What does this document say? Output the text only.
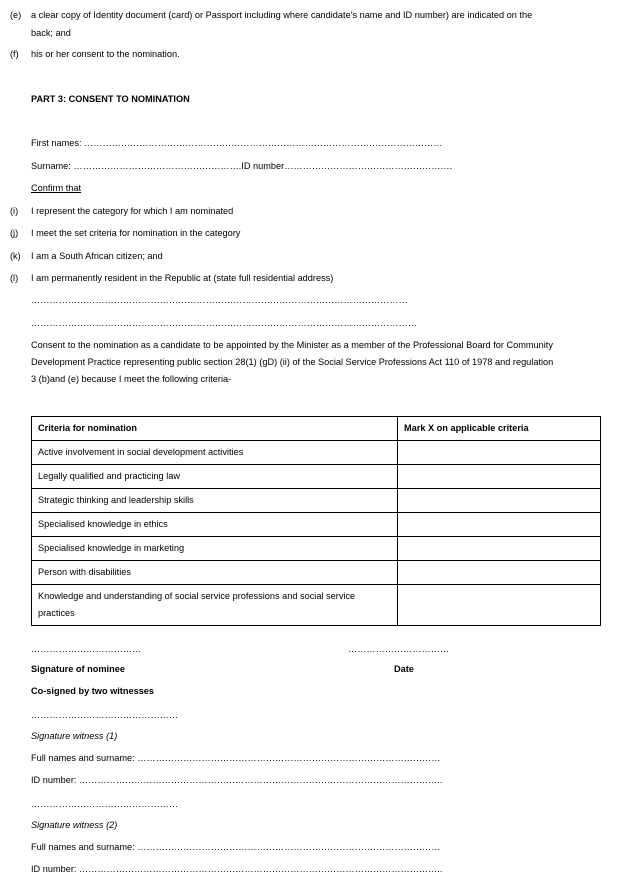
(e) a clear copy of Identity document (card) or Passport including where candidate's name and ID number) are indicated on the
back; and
(f) his or her consent to the nomination.
PART 3: CONSENT TO NOMINATION
First names: ………………………………………………………………………………………………………
Surname: ……………………………………………….ID number……………………………………………….
Confirm that
(i) I represent the category for which I am nominated
(j) I meet the set criteria for nomination in the category
(k) I am a South African citizen; and
(l) I am permanently resident in the Republic at (state full residential address)
……………………………………………………………………………………………………………
………………………………………………………………………………………………………………
Consent to the nomination as a candidate to be appointed by the Minister as a member of the Professional Board for Community
Development Practice representing public section 28(1) (gD) (ii) of the Social Service Professions Act 110 of 1978 and regulation
3 (b)and (e) because I meet the following criteria-
Criteria for nomination	Mark X on applicable criteria
Active involvement in social development activities	
Legally qualified and practicing law	
Strategic thinking and leadership skills	
Specialised knowledge in ethics	
Specialised knowledge in marketing	
Person with disabilities	
Knowledge and understanding of social service professions and social service practices	
………………………………	……………………………
Signature of nominee	Date
Co-signed by two witnesses
…………………………………………
Signature witness (1)
Full names and surname: ………………………………………………………………………………………
ID number: ………………………………………………………………………………………………………..
…………………………………………
Signature witness (2)
Full names and surname: ………………………………………………………………………………………
ID number: ………………………………………………………………………………………………………..
